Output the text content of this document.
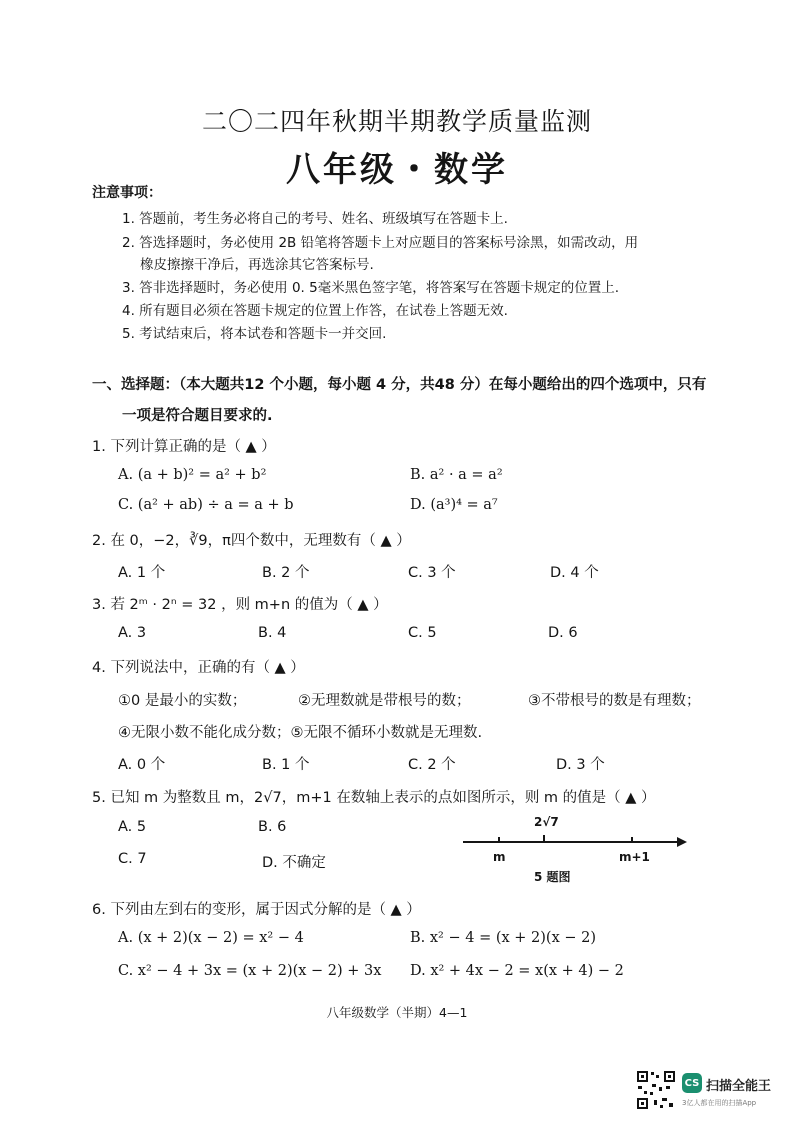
二〇二四年秋期半期教学质量监测
八年级・数学
注意事项：
1. 答题前，考生务必将自己的考号、姓名、班级填写在答题卡上.
2. 答选择题时，务必使用 2B 铅笔将答题卡上对应题目的答案标号涂黑，如需改动，用
橡皮擦擦干净后，再选涂其它答案标号.
3. 答非选择题时，务必使用 0. 5毫米黑色签字笔，将答案写在答题卡规定的位置上.
4. 所有题目必须在答题卡规定的位置上作答，在试卷上答题无效.
5. 考试结束后，将本试卷和答题卡一并交回.
一、选择题：（本大题共12 个小题，每小题 4 分，共48 分）在每小题给出的四个选项中，只有
一项是符合题目要求的.
1. 下列计算正确的是（ ▲ ）
A. (a + b)² = a² + b²	B. a² · a = a²
C. (a² + ab) ÷ a = a + b	D. (a³)⁴ = a⁷
2. 在 0，−2，∛9，π四个数中，无理数有（ ▲ ）
A. 1 个	B. 2 个	C. 3 个	D. 4 个
3. 若 2ᵐ · 2ⁿ = 32 ，则 m+n 的值为（ ▲ ）
A. 3	B. 4	C. 5	D. 6
4. 下列说法中，正确的有（ ▲ ）
①0 是最小的实数；	②无理数就是带根号的数；	③不带根号的数是有理数；
④无限小数不能化成分数；⑤无限不循环小数就是无理数.
A. 0 个	B. 1 个	C. 2 个	D. 3 个
5. 已知 m 为整数且 m，2√7，m+1 在数轴上表示的点如图所示，则 m 的值是（ ▲ ）
A. 5	B. 6
C. 7	D. 不确定
2√7
m	m+1
5 题图
6. 下列由左到右的变形，属于因式分解的是（ ▲ ）
A. (x + 2)(x − 2) = x² − 4	B. x² − 4 = (x + 2)(x − 2)
C. x² − 4 + 3x = (x + 2)(x − 2) + 3x D. x² + 4x − 2 = x(x + 4) − 2
八年级数学（半期）4—1
CS 扫描全能王
3亿人都在用的扫描App
